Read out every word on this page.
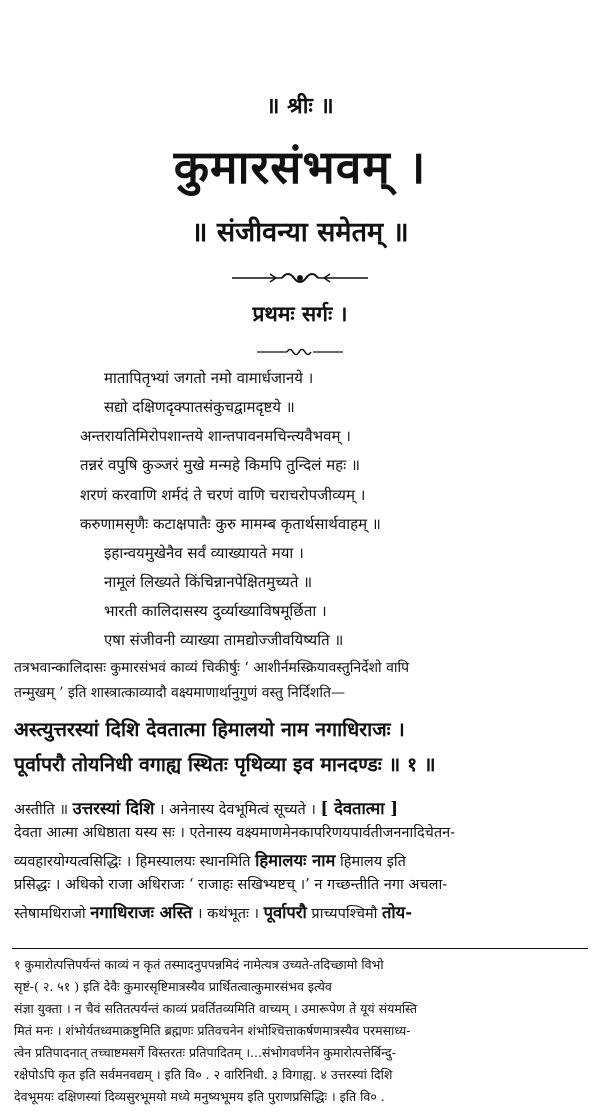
॥ श्रीः ॥
कुमारसंभवम् ।
॥ संजीवन्या समेतम् ॥
प्रथमः सर्गः ।
मातापितृभ्यां जगतो नमो वामार्धजानये ।
सद्यो दक्षिणदृक्पातसंकुचद्वामदृष्टये ॥
अन्तरायतिमिरोपशान्तये शान्तपावनमचिन्त्यवैभवम् ।
तन्नरं वपुषि कुञ्जरं मुखे मन्महे किमपि तुन्दिलं महः ॥
शरणं करवाणि शर्मदं ते चरणं वाणि चराचरोपजीव्यम् ।
करुणामसृणैः कटाक्षपातैः कुरु मामम्ब कृतार्थसार्थवाहम् ॥
इहान्वयमुखेनैव सर्वं व्याख्यायते मया ।
नामूलं लिख्यते किंचिन्नानपेक्षितमुच्यते ॥
भारती कालिदासस्य दुर्व्याख्याविषमूर्छिता ।
एषा संजीवनी व्याख्या तामद्योज्जीवयिष्यति ॥
तत्रभवान्कालिदासः कुमारसंभवं काव्यं चिकीर्षुः ‘ आशीर्नमस्क्रियावस्तुनिर्देशो वापि
तन्मुखम् ’ इति शास्त्रात्काव्यादौ वक्ष्यमाणार्थानुगुणं वस्तु निर्दिशति—
अस्त्युत्तरस्यां दिशि देवतात्मा हिमालयो नाम नगाधिराजः ।
पूर्वापरौ तोयनिधी वगाह्य स्थितः पृथिव्या इव मानदण्डः ॥ १ ॥
अस्तीति ॥ उत्तरस्यां दिशि । अनेनास्य देवभूमित्वं सूच्यते । [ देवतात्मा ]
देवता आत्मा अधिष्ठाता यस्य सः । एतेनास्य वक्ष्यमाणमेनकापरिणयपार्वतीजननादिचेतन-
व्यवहारयोग्यत्वसिद्धिः । हिमस्यालयः स्थानमिति हिमालयः नाम हिमालय इति
प्रसिद्धः । अधिको राजा अधिराजः ‘ राजाहः सखिभ्यष्टच् ।’ न गच्छन्तीति नगा अचला-
स्तेषामधिराजो नगाधिराजः अस्ति । कथंभूतः । पूर्वापरौ प्राच्यपश्चिमौ तोय-
१ कुमारोत्पत्तिपर्यन्तं काव्यं न कृतं तस्मादनुपपन्नमिदं नामेत्यत्र उच्यते-तदिच्छामो विभो
सृष्टं-( २. ५१ ) इति देवैः कुमारसृष्टिमात्रस्यैव प्रार्थितत्वात्कुमारसंभव इत्येव
संज्ञा युक्ता । न चैवं सतितत्पर्यन्तं काव्यं प्रवर्तितव्यमिति वाच्यम् । उमारूपेण ते यूयं संयमस्ति
मितं मनः । शंभोर्यतध्वमाक्रष्टुमिति ब्रह्मणः प्रतिवचनेन शंभोश्चित्ताकर्षणमात्रस्यैव परमसाध्य-
त्वेन प्रतिपादनात् तच्चाष्टमसर्गे विस्तरतः प्रतिपादितम् ।...संभोगवर्णनेन कुमारोत्पत्तेर्बिन्दु-
रक्षेपोऽपि कृत इति सर्वमनवद्यम् । इति वि० . २ वारिनिधी. ३ विगाह्य. ४ उत्तरस्यां दिशि
देवभूमयः दक्षिणस्यां दिव्यसुरभूमयो मध्ये मनुष्यभूमय इति पुराणप्रसिद्धिः । इति वि० .
